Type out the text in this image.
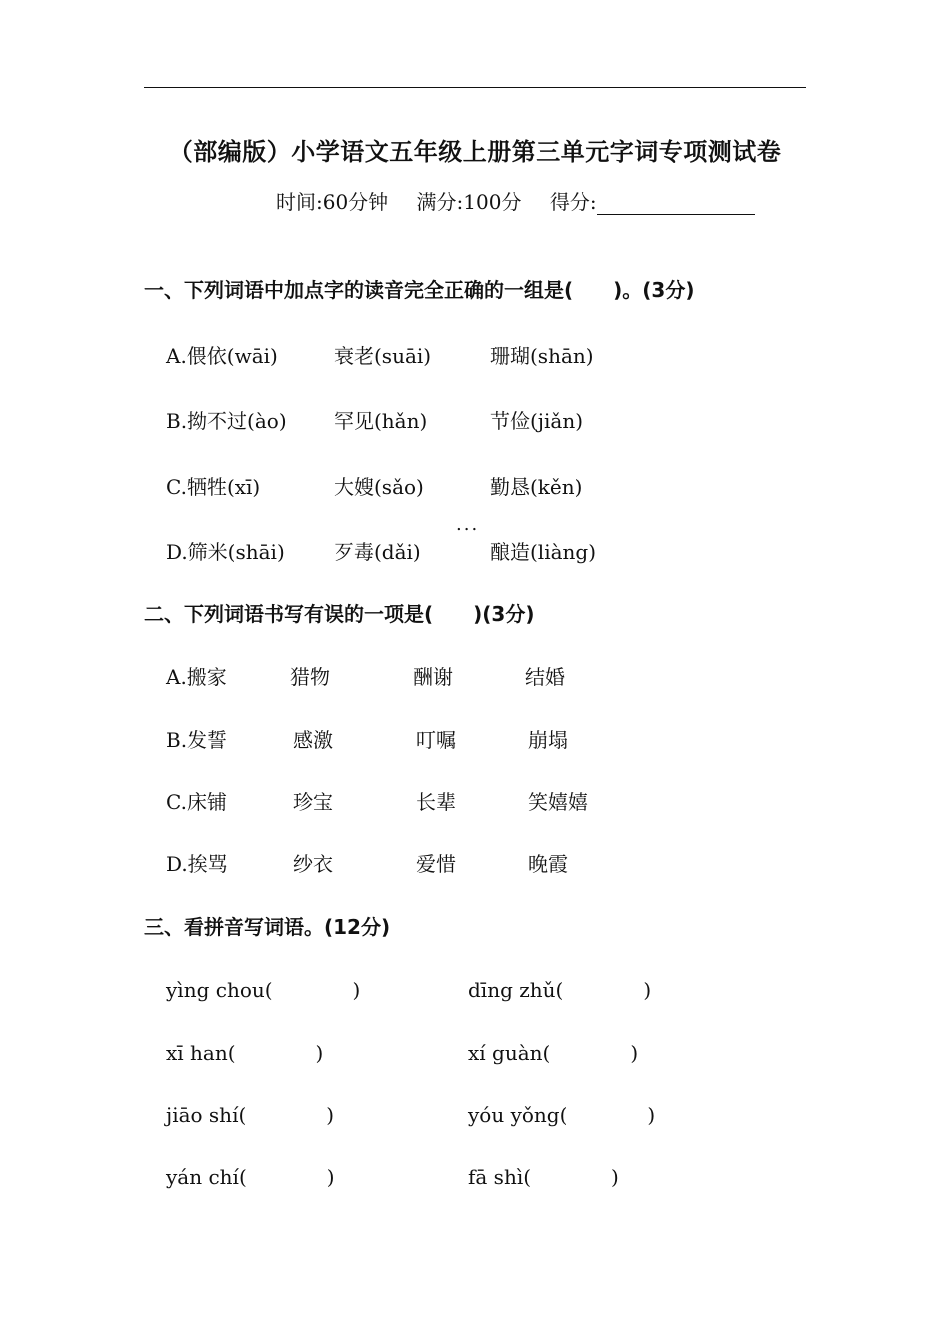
（部编版）小学语文五年级上册第三单元字词专项测试卷
时间:60分钟 满分:100分 得分:
一、下列词语中加点字的读音完全正确的一组是(　　)。(3分)
A.偎依(wāi)	衰老(suāi)	珊瑚(shān)
B.拗不过(ào) 罕见(hǎn)	节俭(jiǎn)
C.牺牲(xī)	大嫂(sǎo)	勤恳(kěn)
...
D.筛米(shāi) 歹毒(dǎi)	酿造(liàng)
二、下列词语书写有误的一项是(　　)(3分)
A.搬家	猎物	酬谢	结婚
B.发誓	感激	叮嘱	崩塌
C.床铺	珍宝	长辈	笑嬉嬉
D.挨骂	纱衣	爱惜	晚霞
三、看拼音写词语。(12分)
yìng chou(　　　　)	dīng zhǔ(　　　　)
xī han(　　　　)	xí guàn(　　　　)
jiāo shí(　　　　)	yóu yǒng(　　　　)
yán chí(　　　　)	fā shì(　　　　)
